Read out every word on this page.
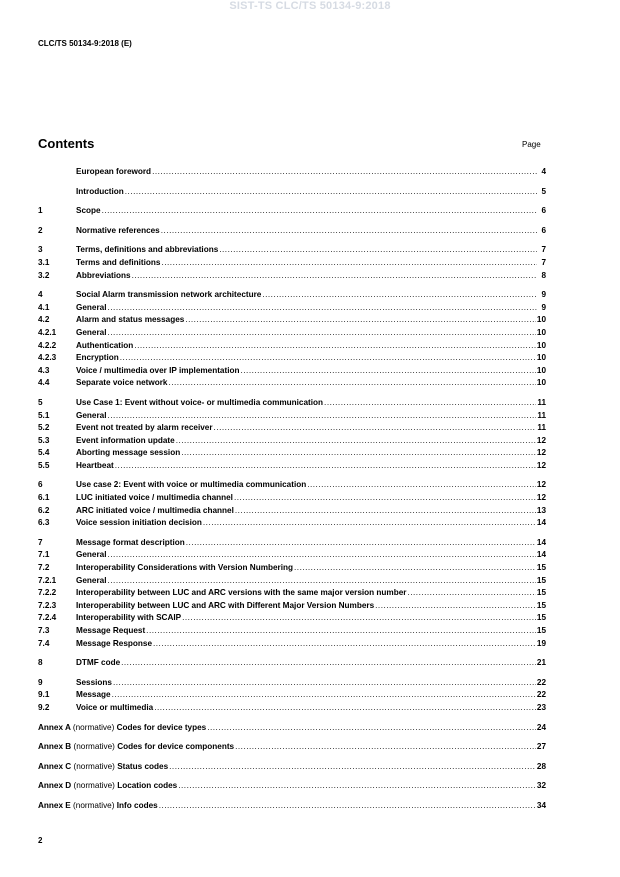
SIST-TS CLC/TS 50134-9:2018
CLC/TS 50134-9:2018 (E)
Contents	Page
European foreword .....	4
Introduction .....	5
1	Scope .....	6
2	Normative references .....	6
3	Terms, definitions and abbreviations .....	7
3.1	Terms and definitions .....	7
3.2	Abbreviations .....	8
4	Social Alarm transmission network architecture .....	9
4.1	General .....	9
4.2	Alarm and status messages .....	10
4.2.1	General .....	10
4.2.2	Authentication .....	10
4.2.3	Encryption .....	10
4.3	Voice / multimedia over IP implementation .....	10
4.4	Separate voice network .....	10
5	Use Case 1: Event without voice- or multimedia communication .....	11
5.1	General .....	11
5.2	Event not treated by alarm receiver .....	11
5.3	Event information update .....	12
5.4	Aborting message session .....	12
5.5	Heartbeat .....	12
6	Use case 2: Event with voice or multimedia communication .....	12
6.1	LUC initiated voice / multimedia channel .....	12
6.2	ARC initiated voice / multimedia channel .....	13
6.3	Voice session initiation decision .....	14
7	Message format description .....	14
7.1	General .....	14
7.2	Interoperability Considerations with Version Numbering .....	15
7.2.1	General .....	15
7.2.2	Interoperability between LUC and ARC versions with the same major version number .....	15
7.2.3	Interoperability between LUC and ARC with Different Major Version Numbers .....	15
7.2.4	Interoperability with SCAIP .....	15
7.3	Message Request .....	15
7.4	Message Response .....	19
8	DTMF code .....	21
9	Sessions .....	22
9.1	Message .....	22
9.2	Voice or multimedia .....	23
Annex A (normative) Codes for device types .....	24
Annex B (normative) Codes for device components .....	27
Annex C (normative) Status codes .....	28
Annex D (normative) Location codes .....	32
Annex E (normative) Info codes .....	34
2
